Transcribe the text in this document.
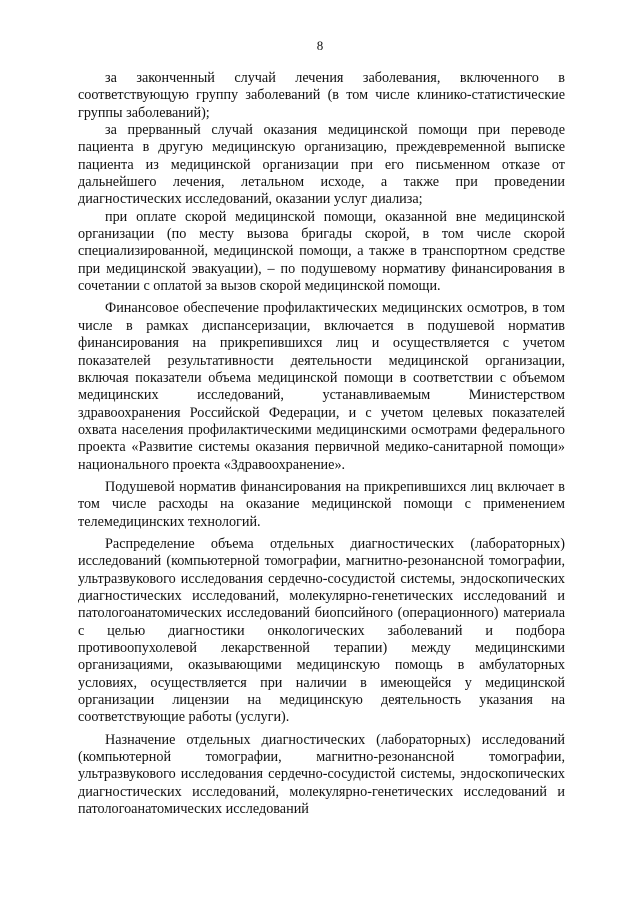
8

за законченный случай лечения заболевания, включенного в соответствующую группу заболеваний (в том числе клинико-статистические группы заболеваний);

за прерванный случай оказания медицинской помощи при переводе пациента в другую медицинскую организацию, преждевременной выписке пациента из медицинской организации при его письменном отказе от дальнейшего лечения, летальном исходе, а также при проведении диагностических исследований, оказании услуг диализа;

при оплате скорой медицинской помощи, оказанной вне медицинской организации (по месту вызова бригады скорой, в том числе скорой специализированной, медицинской помощи, а также в транспортном средстве при медицинской эвакуации), – по подушевому нормативу финансирования в сочетании с оплатой за вызов скорой медицинской помощи.

Финансовое обеспечение профилактических медицинских осмотров, в том числе в рамках диспансеризации, включается в подушевой норматив финансирования на прикрепившихся лиц и осуществляется с учетом показателей результативности деятельности медицинской организации, включая показатели объема медицинской помощи в соответствии с объемом медицинских исследований, устанавливаемым Министерством здравоохранения Российской Федерации, и с учетом целевых показателей охвата населения профилактическими медицинскими осмотрами федерального проекта «Развитие системы оказания первичной медико-санитарной помощи» национального проекта «Здравоохранение».

Подушевой норматив финансирования на прикрепившихся лиц включает в том числе расходы на оказание медицинской помощи с применением телемедицинских технологий.

Распределение объема отдельных диагностических (лабораторных) исследований (компьютерной томографии, магнитно-резонансной томографии, ультразвукового исследования сердечно-сосудистой системы, эндоскопических диагностических исследований, молекулярно-генетических исследований и патологоанатомических исследований биопсийного (операционного) материала с целью диагностики онкологических заболеваний и подбора противоопухолевой лекарственной терапии) между медицинскими организациями, оказывающими медицинскую помощь в амбулаторных условиях, осуществляется при наличии в имеющейся у медицинской организации лицензии на медицинскую деятельность указания на соответствующие работы (услуги).

Назначение отдельных диагностических (лабораторных) исследований (компьютерной томографии, магнитно-резонансной томографии, ультразвукового исследования сердечно-сосудистой системы, эндоскопических диагностических исследований, молекулярно-генетических исследований и патологоанатомических исследований
